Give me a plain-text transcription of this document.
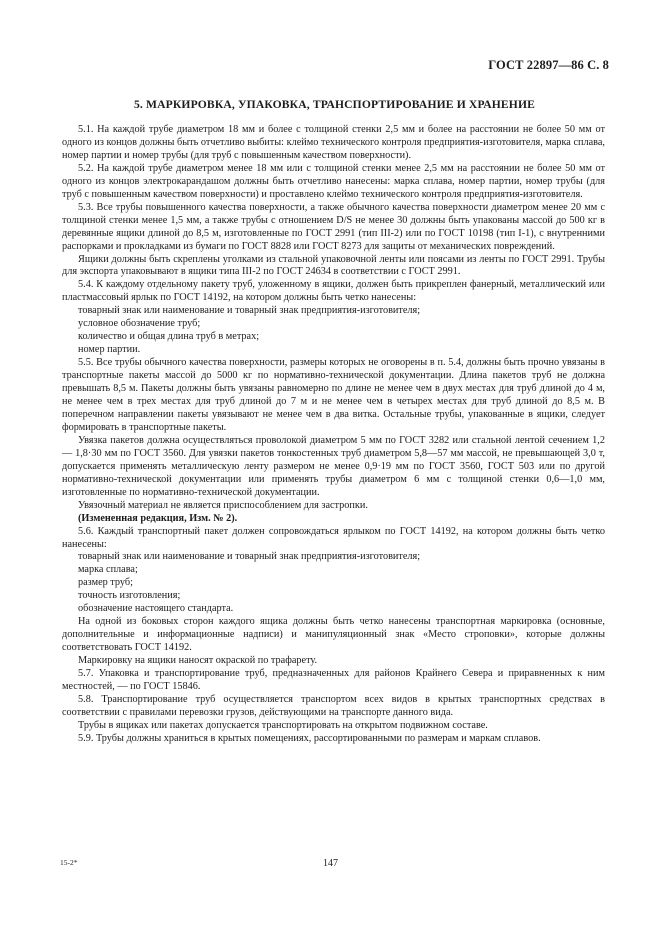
ГОСТ 22897—86 С. 8
5. МАРКИРОВКА, УПАКОВКА, ТРАНСПОРТИРОВАНИЕ И ХРАНЕНИЕ

5.1. На каждой трубе диаметром 18 мм и более с толщиной стенки 2,5 мм и более на расстоянии не более 50 мм от одного из концов должны быть отчетливо выбиты: клеймо технического контроля предприятия-изготовителя, марка сплава, номер партии и номер трубы (для труб с повышенным качеством поверхности).

5.2. На каждой трубе диаметром менее 18 мм или с толщиной стенки менее 2,5 мм на расстоянии не более 50 мм от одного из концов электрокарандашом должны быть отчетливо нанесены: марка сплава, номер партии, номер трубы (для труб с повышенным качеством поверхности) и проставлено клеймо технического контроля предприятия-изготовителя.

5.3. Все трубы повышенного качества поверхности, а также обычного качества поверхности диаметром менее 20 мм с толщиной стенки менее 1,5 мм, а также трубы с отношением D/S не менее 30 должны быть упакованы массой до 500 кг в деревянные ящики длиной до 8,5 м, изготовленные по ГОСТ 2991 (тип III-2) или по ГОСТ 10198 (тип I-1), с внутренними распорками и прокладками из бумаги по ГОСТ 8828 или ГОСТ 8273 для защиты от механических повреждений.

Ящики должны быть скреплены уголками из стальной упаковочной ленты или поясами из ленты по ГОСТ 2991. Трубы для экспорта упаковывают в ящики типа III-2 по ГОСТ 24634 в соответствии с ГОСТ 2991.

5.4. К каждому отдельному пакету труб, уложенному в ящики, должен быть прикреплен фанерный, металлический или пластмассовый ярлык по ГОСТ 14192, на котором должны быть четко нанесены:

товарный знак или наименование и товарный знак предприятия-изготовителя;

условное обозначение труб;

количество и общая длина труб в метрах;

номер партии.

5.5. Все трубы обычного качества поверхности, размеры которых не оговорены в п. 5.4, должны быть прочно увязаны в транспортные пакеты массой до 5000 кг по нормативно-технической документации. Длина пакетов труб не должна превышать 8,5 м. Пакеты должны быть увязаны равномерно по длине не менее чем в двух местах для труб длиной до 4 м, не менее чем в трех местах для труб длиной до 7 м и не менее чем в четырех местах для труб длиной до 8,5 м. В поперечном направлении пакеты увязывают не менее чем в два витка. Остальные трубы, упакованные в ящики, следует формировать в транспортные пакеты.

Увязка пакетов должна осуществляться проволокой диаметром 5 мм по ГОСТ 3282 или стальной лентой сечением 1,2 — 1,8·30 мм по ГОСТ 3560. Для увязки пакетов тонкостенных труб диаметром 5,8—57 мм массой, не превышающей 3,0 т, допускается применять металлическую ленту размером не менее 0,9·19 мм по ГОСТ 3560, ГОСТ 503 или по другой нормативно-технической документации или применять трубы диаметром 6 мм с толщиной стенки 0,6—1,0 мм, изготовленные по нормативно-технической документации.

Увязочный материал не является приспособлением для застропки.

(Измененная редакция, Изм. № 2).

5.6. Каждый транспортный пакет должен сопровождаться ярлыком по ГОСТ 14192, на котором должны быть четко нанесены:

товарный знак или наименование и товарный знак предприятия-изготовителя;

марка сплава;

размер труб;

точность изготовления;

обозначение настоящего стандарта.

На одной из боковых сторон каждого ящика должны быть четко нанесены транспортная маркировка (основные, дополнительные и информационные надписи) и манипуляционный знак «Место строповки», которые должны соответствовать ГОСТ 14192.

Маркировку на ящики наносят окраской по трафарету.

5.7. Упаковка и транспортирование труб, предназначенных для районов Крайнего Севера и приравненных к ним местностей, — по ГОСТ 15846.

5.8. Транспортирование труб осуществляется транспортом всех видов в крытых транспортных средствах в соответствии с правилами перевозки грузов, действующими на транспорте данного вида.

Трубы в ящиках или пакетах допускается транспортировать на открытом подвижном составе.

5.9. Трубы должны храниться в крытых помещениях, рассортированными по размерам и маркам сплавов.

15-2*	147
